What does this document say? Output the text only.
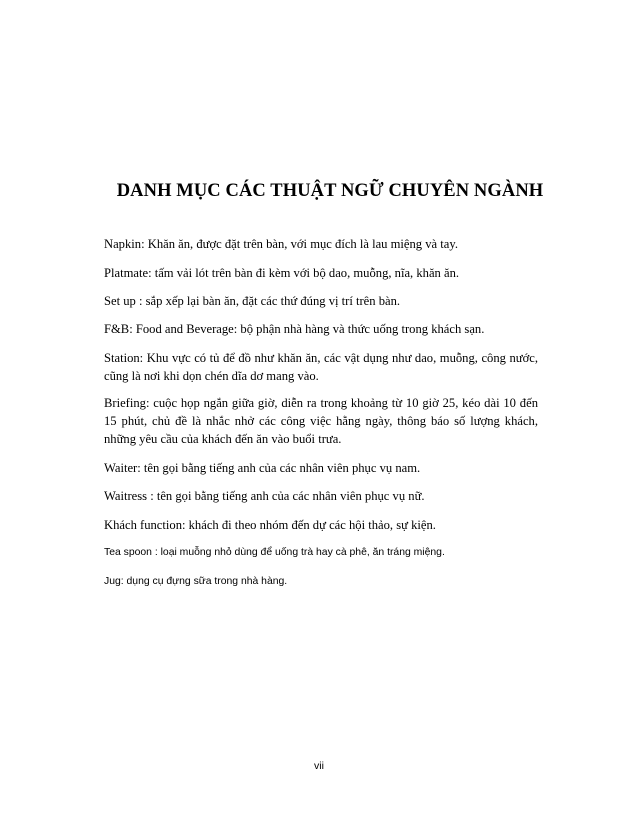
DANH MỤC CÁC THUẬT NGỮ CHUYÊN NGÀNH

Napkin: Khăn ăn, được đặt trên bàn, với mục đích là lau miệng và tay.

Platmate: tấm vải lót trên bàn đi kèm với bộ dao, muỗng, nĩa, khăn ăn.

Set up : sắp xếp lại bàn ăn, đặt các thứ đúng vị trí trên bàn.

F&B: Food and Beverage: bộ phận nhà hàng và thức uống trong khách sạn.

Station: Khu vực có tủ để đồ như khăn ăn, các vật dụng như dao, muỗng, công nước, cũng là nơi khi dọn chén dĩa dơ mang vào.

Briefing: cuộc họp ngắn giữa giờ, diễn ra trong khoảng từ 10 giờ 25, kéo dài 10 đến 15 phút, chủ đề là nhắc nhở các công việc hằng ngày, thông báo số lượng khách, những yêu cầu của khách đến ăn vào buổi trưa.

Waiter: tên gọi bằng tiếng anh của các nhân viên phục vụ nam.

Waitress : tên gọi bằng tiếng anh của các nhân viên phục vụ nữ.

Khách function: khách đi theo nhóm đến dự các hội thảo, sự kiện.

Tea spoon : loại muỗng nhỏ dùng để uống trà hay cà phê, ăn tráng miệng.

Jug: dụng cụ đựng sữa trong nhà hàng.

vii
